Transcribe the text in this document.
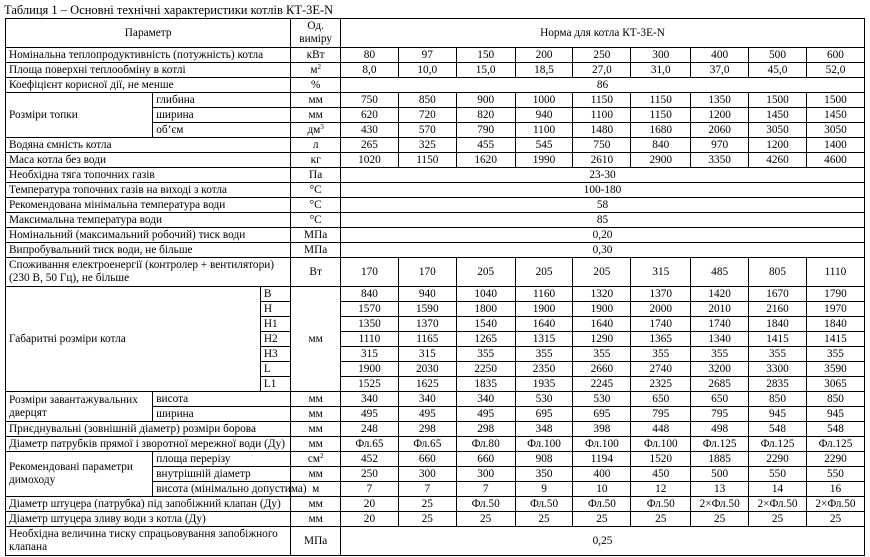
Таблиця 1 – Основні технічні характеристики котлів КТ-3Е-N
Параметр			Од. виміру	Норма для котла КТ-3Е-N								
Номінальна теплопродуктивність (потужність) котла			кВт	80	97	150	200	250	300	400	500	600
Площа поверхні теплообміну в котлі			$м^2$	8,0	10,0	15,0	18,5	27,0	31,0	37,0	45,0	52,0
Коефіцієнт корисної дії, не менше			%	86								
Розміри топки	глибина		мм	750	850	900	1000	1150	1150	1350	1500	1500
	ширина		мм	620	720	820	940	1100	1150	1200	1450	1450
	об’єм		$дм^3$	430	570	790	1100	1480	1680	2060	3050	3050
Водяна ємність котла			л	265	325	455	545	750	840	970	1200	1400
Маса котла без води			кг	1020	1150	1620	1990	2610	2900	3350	4260	4600
Необхідна тяга топочних газів			Па	23-30								
Температура топочних газів на виході з котла			°С	100-180								
Рекомендована мінімальна температура води			°С	58								
Максимальна температура води			°С	85								
Номінальний (максимальний робочий) тиск води			МПа	0,20								
Випробувальний тиск води, не більше			МПа	0,30								
Споживання електроенергії (контролер + вентилятори) (230 В, 50 Гц), не більше			Вт	170	170	205	205	205	315	485	805	1110
Габаритні розміри котла		B	мм	840	940	1040	1160	1320	1370	1420	1670	1790
		H		1570	1590	1800	1900	1900	2000	2010	2160	1970
		H1		1350	1370	1540	1640	1640	1740	1740	1840	1840
		H2		1110	1165	1265	1315	1290	1365	1340	1415	1415
		H3		315	315	355	355	355	355	355	355	355
		L		1900	2030	2250	2350	2660	2740	3200	3300	3590
		L1		1525	1625	1835	1935	2245	2325	2685	2835	3065
Розміри завантажувальних дверцят	висота		мм	340	340	340	530	530	650	650	850	850
	ширина		мм	495	495	495	695	695	795	795	945	945
Приєднувальні (зовнішній діаметр) розміри борова			мм	248	298	298	348	398	448	498	548	548
Діаметр патрубків прямої і зворотної мережної води (Ду)			мм	Фл.65	Фл.65	Фл.80	Фл.100	Фл.100	Фл.100	Фл.125	Фл.125	Фл.125
Рекомендовані параметри димоходу	площа перерізу		$см^2$	452	660	660	908	1194	1520	1885	2290	2290
	внутрішній діаметр		мм	250	300	300	350	400	450	500	550	550
	висота (мінімально допустима)		м	7	7	7	9	10	12	13	14	16
Діаметр штуцера (патрубка) під запобіжний клапан (Ду)			мм	20	25	Фл.50	Фл.50	Фл.50	Фл.50	2×Фл.50	2×Фл.50	2×Фл.50
Діаметр штуцера зливу води з котла (Ду)			мм	20	25	25	25	25	25	25	25	25
Необхідна величина тиску спрацьовування запобіжного клапана			МПа	0,25								
